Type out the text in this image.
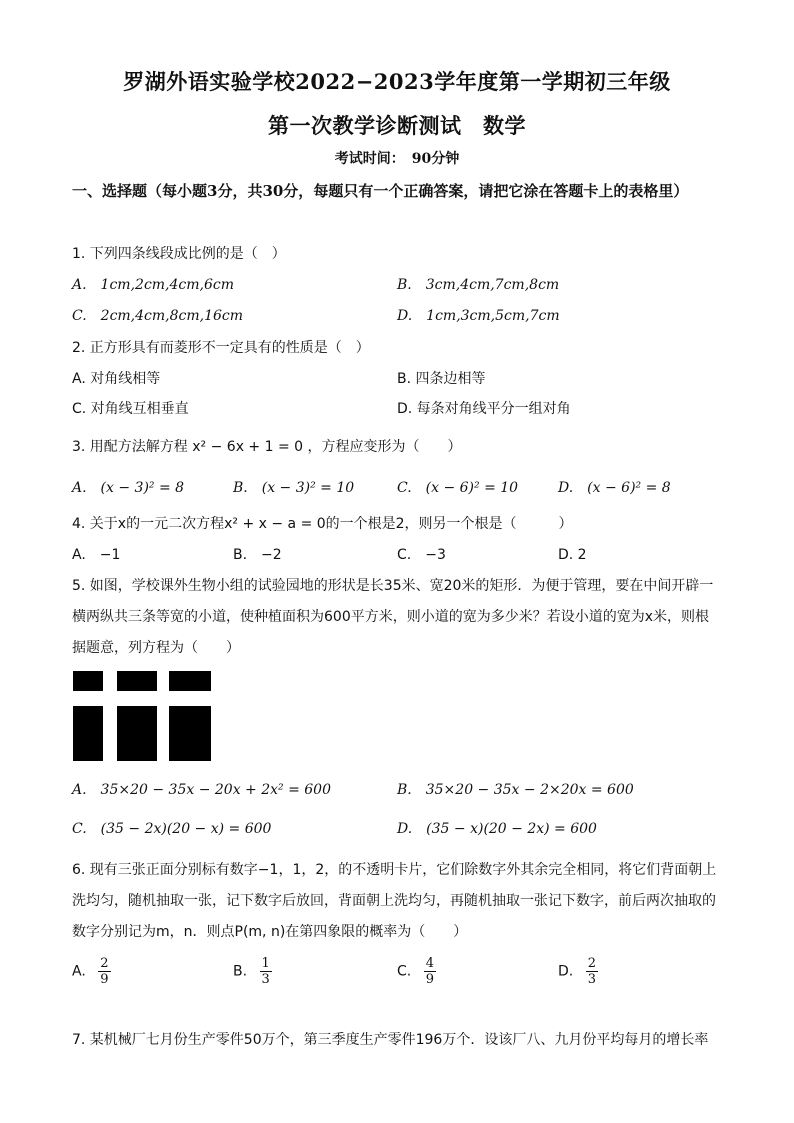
罗湖外语实验学校2022−2023学年度第一学期初三年级
第一次教学诊断测试　数学
考试时间：　90分钟
一、选择题（每小题3分，共30分，每题只有一个正确答案，请把它涂在答题卡上的表格里）
1. 下列四条线段成比例的是（　）
A.　1cm,2cm,4cm,6cm	B.　3cm,4cm,7cm,8cm
C.　2cm,4cm,8cm,16cm	D.　1cm,3cm,5cm,7cm
2. 正方形具有而菱形不一定具有的性质是（　）
A. 对角线相等	B. 四条边相等
C. 对角线互相垂直	D. 每条对角线平分一组对角
3. 用配方法解方程 x² − 6x + 1 = 0 ，方程应变形为（　　）
A.　(x − 3)² = 8	B.　(x − 3)² = 10	C.　(x − 6)² = 10	D.　(x − 6)² = 8
4. 关于x的一元二次方程x² + x − a = 0的一个根是2，则另一个根是（　　　）
A.　−1	B.　−2	C.　−3	D. 2
5. 如图，学校课外生物小组的试验园地的形状是长35米、宽20米的矩形．为便于管理，要在中间开辟一横两纵共三条等宽的小道，使种植面积为600平方米，则小道的宽为多少米？若设小道的宽为x米，则根据题意，列方程为（　　）
A.　35×20 − 35x − 20x + 2x² = 600	B.　35×20 − 35x − 2×20x = 600
C.　(35 − 2x)(20 − x) = 600	D.　(35 − x)(20 − 2x) = 600
6. 现有三张正面分别标有数字−1，1，2，的不透明卡片，它们除数字外其余完全相同，将它们背面朝上洗均匀，随机抽取一张，记下数字后放回，背面朝上洗均匀，再随机抽取一张记下数字，前后两次抽取的数字分别记为m，n．则点P(m, n)在第四象限的概率为（　　）
A. $\frac{2}{9}$	B. $\frac{1}{3}$	C. $\frac{4}{9}$	D. $\frac{2}{3}$
7. 某机械厂七月份生产零件50万个，第三季度生产零件196万个．设该厂八、九月份平均每月的增长率
